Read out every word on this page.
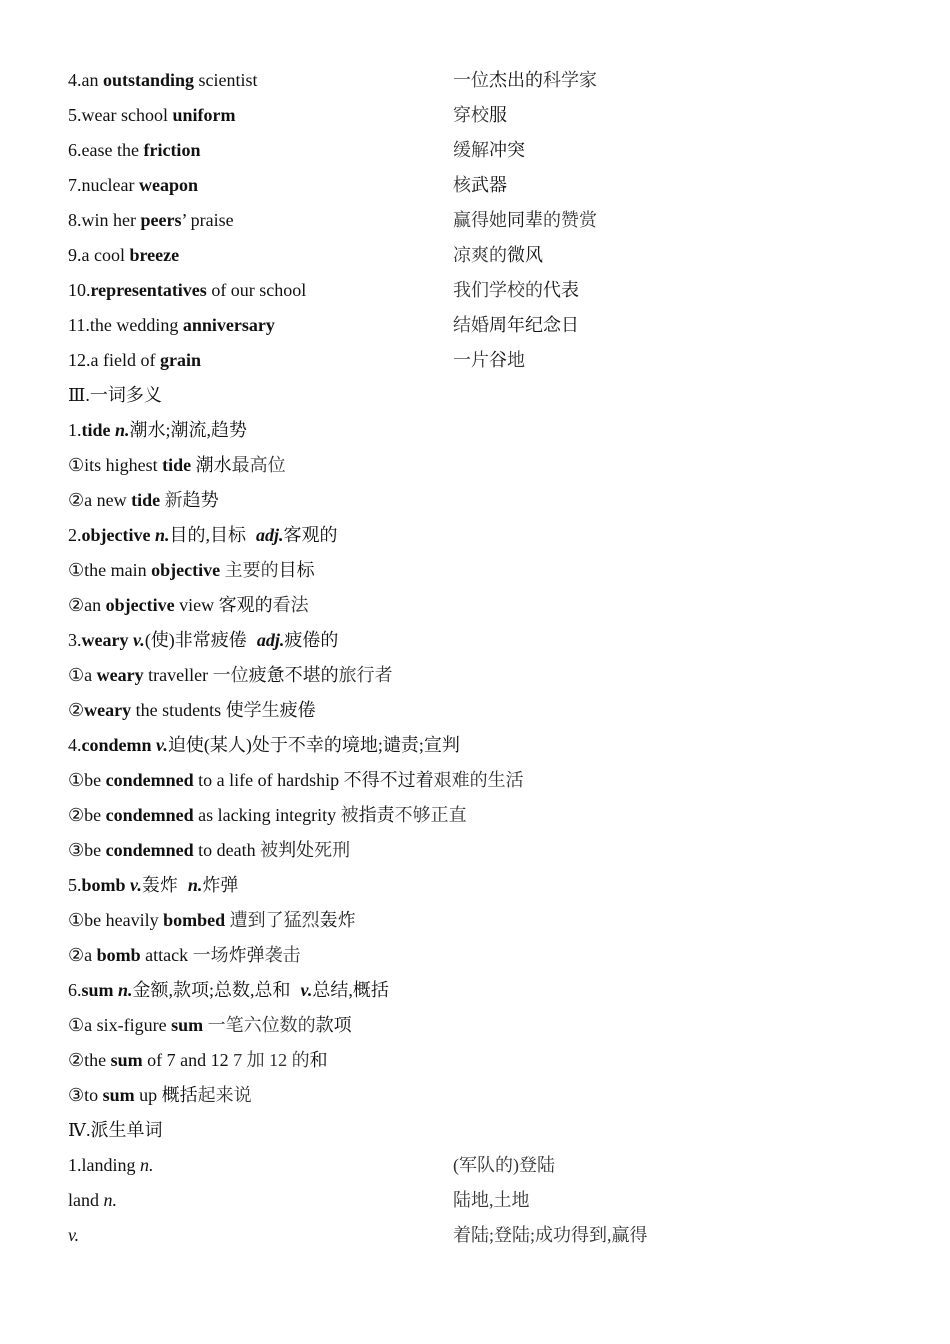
4.an outstanding scientist	一位杰出的科学家
5.wear school uniform	穿校服
6.ease the friction	缓解冲突
7.nuclear weapon	核武器
8.win her peers’ praise	赢得她同辈的赞赏
9.a cool breeze	凉爽的微风
10.representatives of our school	我们学校的代表
11.the wedding anniversary	结婚周年纪念日
12.a field of grain	一片谷地
Ⅲ.一词多义
1.tide n.潮水;潮流,趋势
①its highest tide 潮水最高位
②a new tide 新趋势
2.objective n.目的,目标 adj.客观的
①the main objective 主要的目标
②an objective view 客观的看法
3.weary v.(使)非常疲倦 adj.疲倦的
①a weary traveller 一位疲惫不堪的旅行者
②weary the students 使学生疲倦
4.condemn v.迫使(某人)处于不幸的境地;谴责;宣判
①be condemned to a life of hardship 不得不过着艰难的生活
②be condemned as lacking integrity 被指责不够正直
③be condemned to death 被判处死刑
5.bomb v.轰炸 n.炸弹
①be heavily bombed 遭到了猛烈轰炸
②a bomb attack 一场炸弹袭击
6.sum n.金额,款项;总数,总和 v.总结,概括
①a six-figure sum 一笔六位数的款项
②the sum of 7 and 12 7 加 12 的和
③to sum up 概括起来说
Ⅳ.派生单词
1.landing n.	(军队的)登陆
land n.	陆地,土地
v.	着陆;登陆;成功得到,赢得
